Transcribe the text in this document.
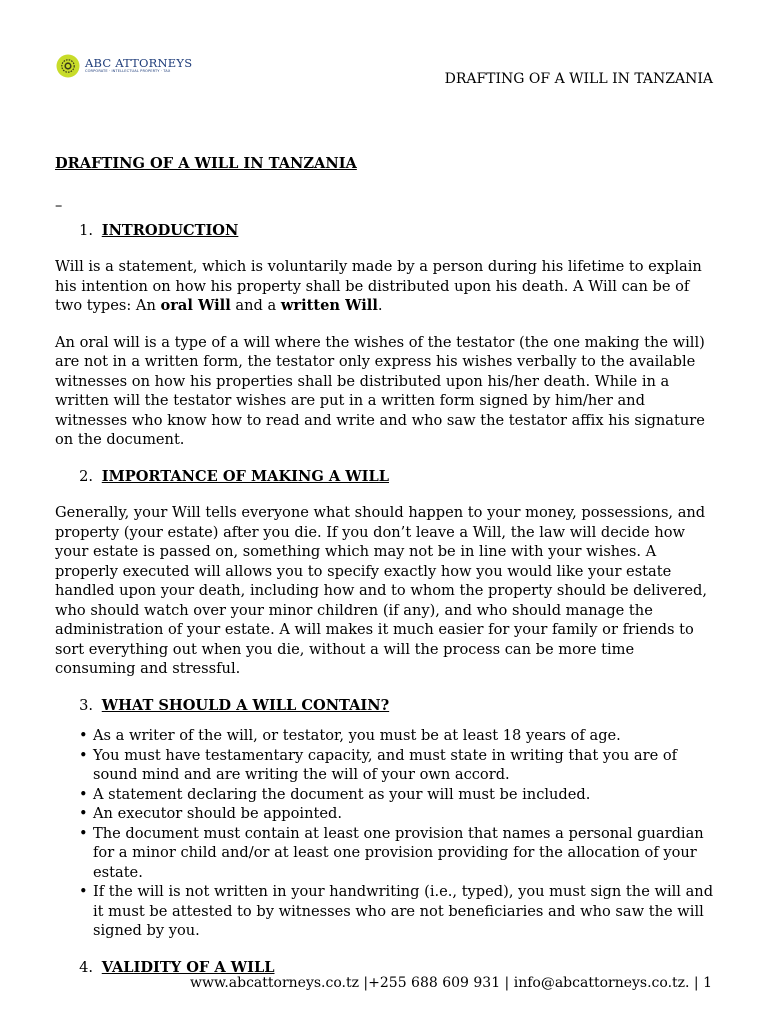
ABC ATTORNEYS
CORPORATE · INTELLECTUAL PROPERTY · TAX	DRAFTING OF A WILL IN TANZANIA

DRAFTING OF A WILL IN TANZANIA

–

1. INTRODUCTION

Will is a statement, which is voluntarily made by a person during his lifetime to explain his intention on how his property shall be distributed upon his death. A Will can be of two types: An oral Will and a written Will.

An oral will is a type of a will where the wishes of the testator (the one making the will) are not in a written form, the testator only express his wishes verbally to the available witnesses on how his properties shall be distributed upon his/her death. While in a written will the testator wishes are put in a written form signed by him/her and witnesses who know how to read and write and who saw the testator affix his signature on the document.

2. IMPORTANCE OF MAKING A WILL

Generally, your Will tells everyone what should happen to your money, possessions, and property (your estate) after you die. If you don’t leave a Will, the law will decide how your estate is passed on, something which may not be in line with your wishes. A properly executed will allows you to specify exactly how you would like your estate handled upon your death, including how and to whom the property should be delivered, who should watch over your minor children (if any), and who should manage the administration of your estate. A will makes it much easier for your family or friends to sort everything out when you die, without a will the process can be more time consuming and stressful.

3. WHAT SHOULD A WILL CONTAIN?
• As a writer of the will, or testator, you must be at least 18 years of age.
• You must have testamentary capacity, and must state in writing that you are of sound mind and are writing the will of your own accord.
• A statement declaring the document as your will must be included.
• An executor should be appointed.
• The document must contain at least one provision that names a personal guardian for a minor child and/or at least one provision providing for the allocation of your estate.
• If the will is not written in your handwriting (i.e., typed), you must sign the will and it must be attested to by witnesses who are not beneficiaries and who saw the will signed by you.
4. VALIDITY OF A WILL
www.abcattorneys.co.tz |+255 688 609 931 | info@abcattorneys.co.tz. | 1
